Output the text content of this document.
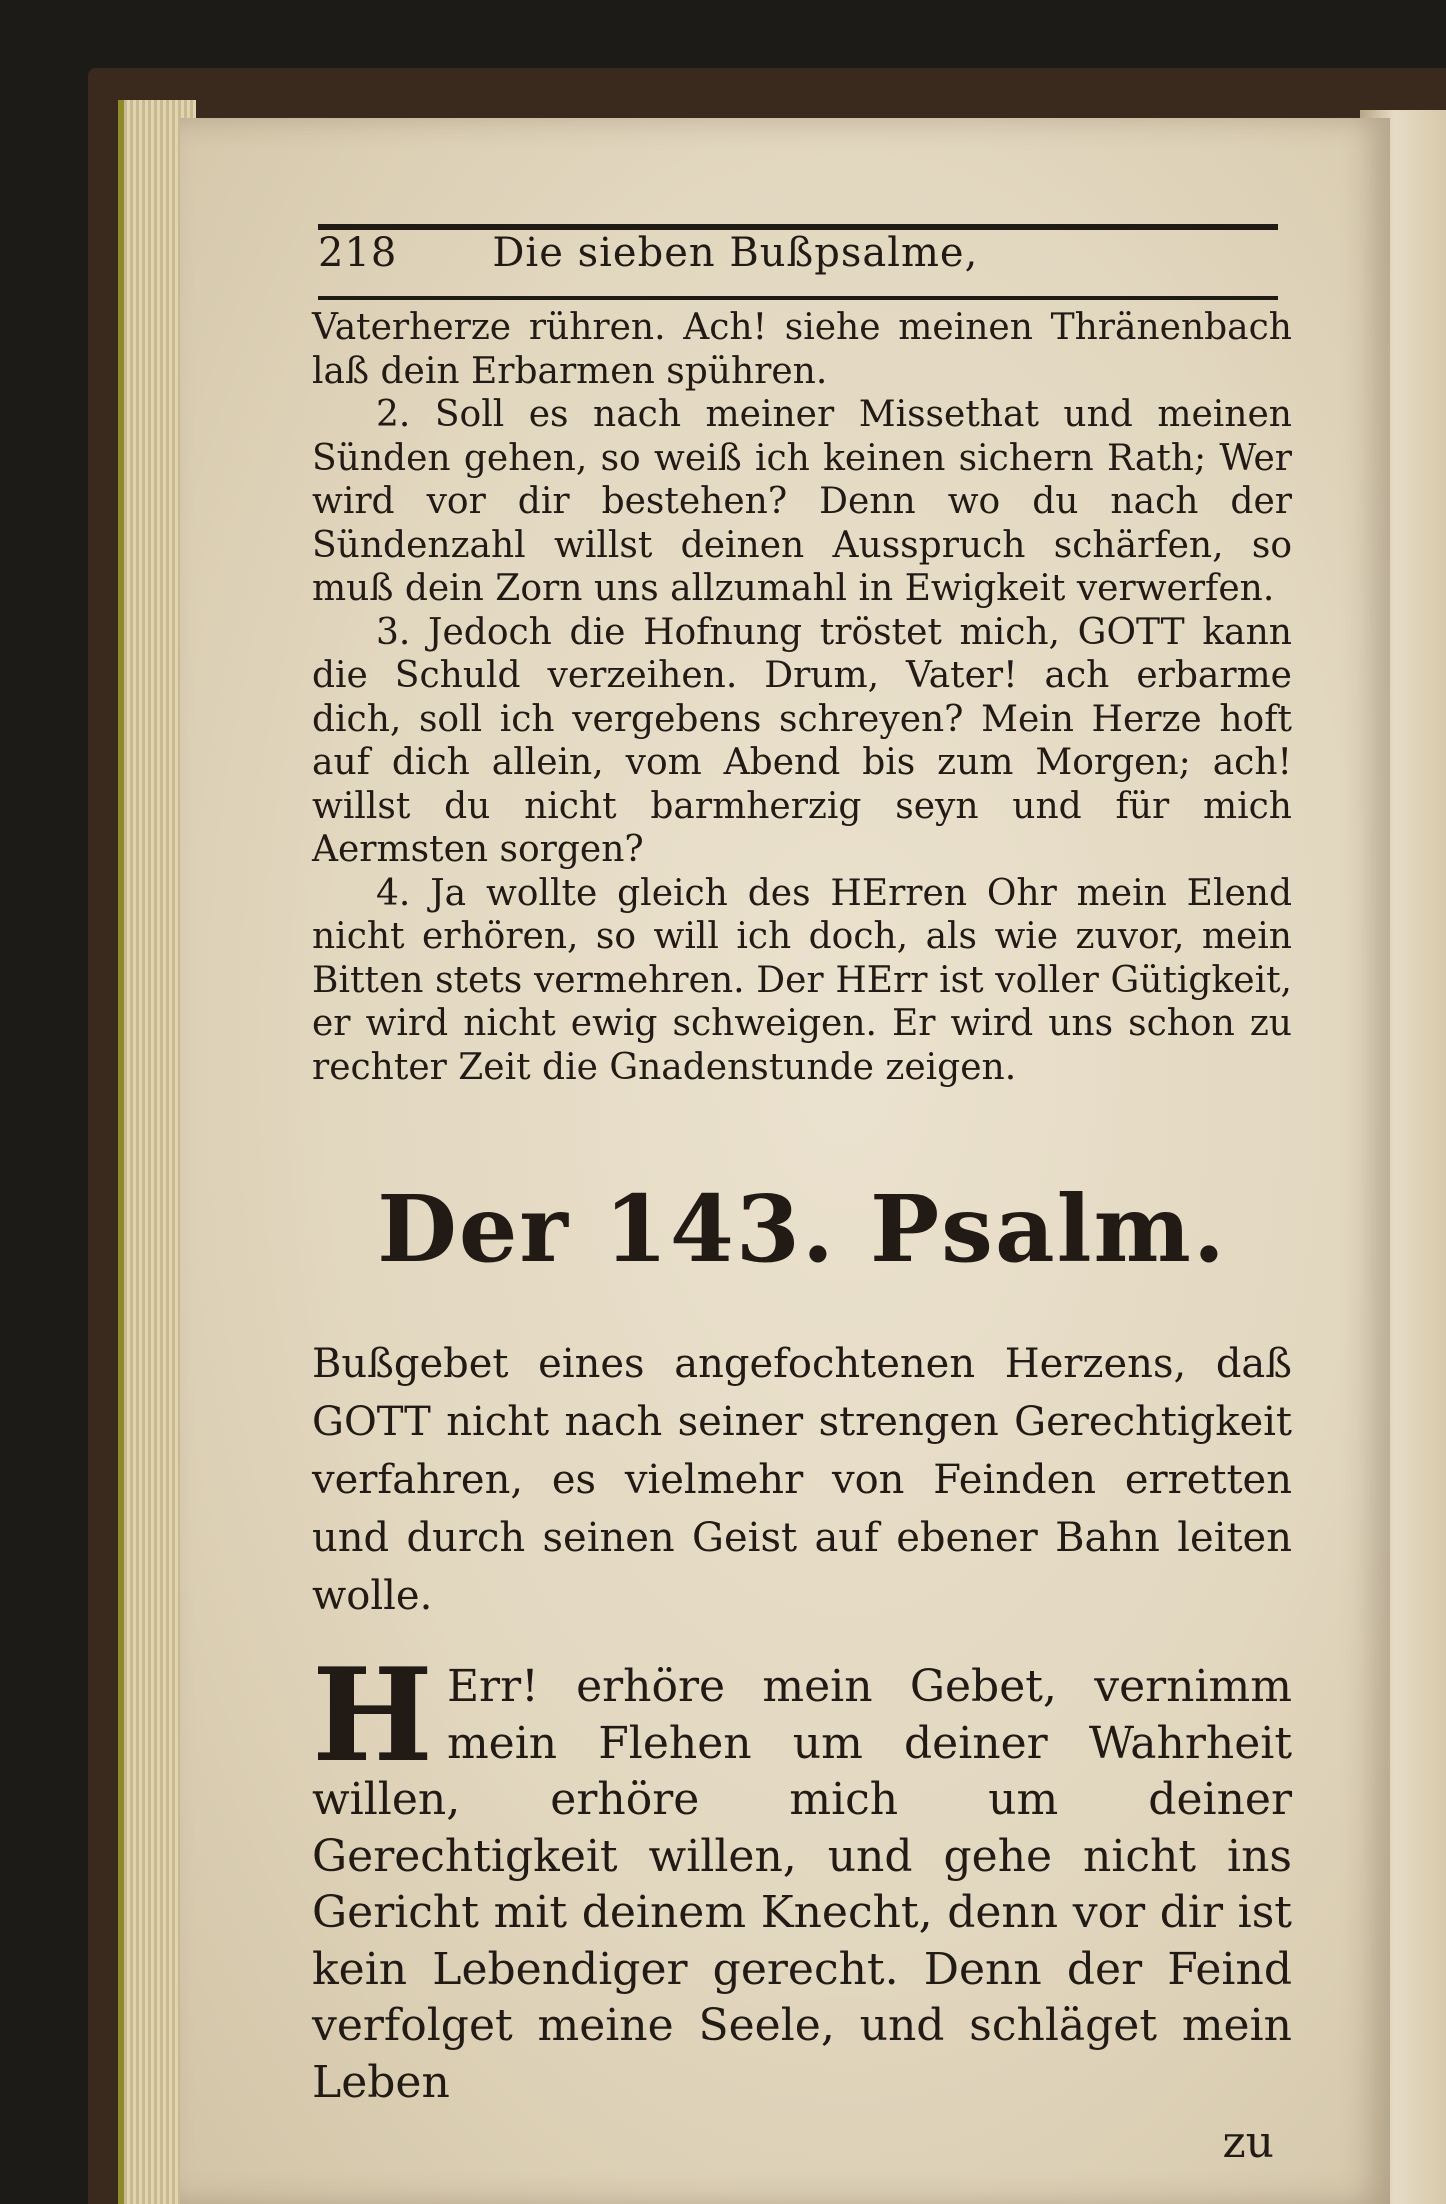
218 Die sieben Bußpsalme,

Vaterherze rühren. Ach! siehe meinen Thränenbach laß dein Erbarmen spühren.

2. Soll es nach meiner Missethat und meinen Sünden gehen, so weiß ich keinen sichern Rath; Wer wird vor dir bestehen? Denn wo du nach der Sündenzahl willst deinen Ausspruch schärfen, so muß dein Zorn uns allzumahl in Ewigkeit verwerfen.

3. Jedoch die Hofnung tröstet mich, GOTT kann die Schuld verzeihen. Drum, Vater! ach erbarme dich, soll ich vergebens schreyen? Mein Herze hoft auf dich allein, vom Abend bis zum Morgen; ach! willst du nicht barmherzig seyn und für mich Aermsten sorgen?

4. Ja wollte gleich des HErren Ohr mein Elend nicht erhören, so will ich doch, als wie zuvor, mein Bitten stets vermehren. Der HErr ist voller Gütigkeit, er wird nicht ewig schweigen. Er wird uns schon zu rechter Zeit die Gnadenstunde zeigen.

Der 143. Psalm.

Bußgebet eines angefochtenen Herzens, daß GOTT nicht nach seiner strengen Gerechtigkeit verfahren, es vielmehr von Feinden erretten und durch seinen Geist auf ebener Bahn leiten wolle.

H Err! erhöre mein Gebet, vernimm mein Flehen um deiner Wahrheit willen, erhöre mich um deiner Gerechtigkeit willen, und gehe nicht ins Gericht mit deinem Knecht, denn vor dir ist kein Lebendiger gerecht. Denn der Feind verfolget meine Seele, und schläget mein Leben

zu
